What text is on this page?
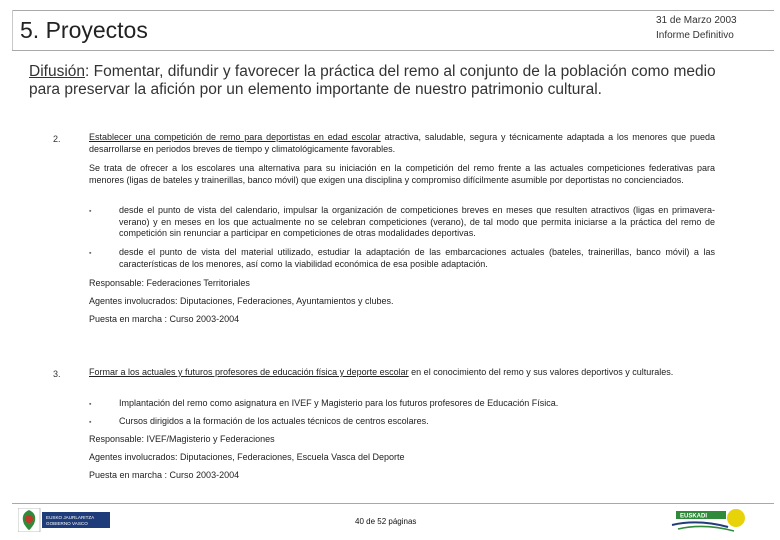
5. Proyectos	31 de Marzo 2003
Informe Definitivo
Difusión: Fomentar, difundir y favorecer la práctica del remo al conjunto de la población como medio para preservar la afición por un elemento importante de nuestro patrimonio cultural.
2.	Establecer una competición de remo para deportistas en edad escolar atractiva, saludable, segura y técnicamente adaptada a los menores que pueda desarrollarse en periodos breves de tiempo y climatológicamente favorables.
Se trata de ofrecer a los escolares una alternativa para su iniciación en la competición del remo frente a las actuales competiciones federativas para menores (ligas de bateles y trainerillas, banco móvil) que exigen una disciplina y compromiso difícilmente asumible por deportistas no concienciados.
▪	desde el punto de vista del calendario, impulsar la organización de competiciones breves en meses que resulten atractivos (ligas en primavera-verano) y en meses en los que actualmente no se celebran competiciones (verano), de tal modo que permita iniciarse a la práctica del remo de competición sin renunciar a participar en competiciones de otras modalidades deportivas.
▪	desde el punto de vista del material utilizado, estudiar la adaptación de las embarcaciones actuales (bateles, trainerillas, banco móvil) a las características de los menores, así como la viabilidad económica de esa posible adaptación.
Responsable: Federaciones Territoriales
Agentes involucrados: Diputaciones, Federaciones, Ayuntamientos y clubes.
Puesta en marcha : Curso 2003-2004
3.	Formar a los actuales y futuros profesores de educación física y deporte escolar en el conocimiento del remo y sus valores deportivos y culturales.
▪	Implantación del remo como asignatura en IVEF y Magisterio para los futuros profesores de Educación Física.
▪	Cursos dirigidos a la formación de los actuales técnicos de centros escolares.
Responsable: IVEF/Magisterio y Federaciones
Agentes involucrados: Diputaciones, Federaciones, Escuela Vasca del Deporte
Puesta en marcha : Curso 2003-2004
EUSKO JAURLARITZA
GOBIERNO VASCO	40 de 52 páginas
EUSKADI
